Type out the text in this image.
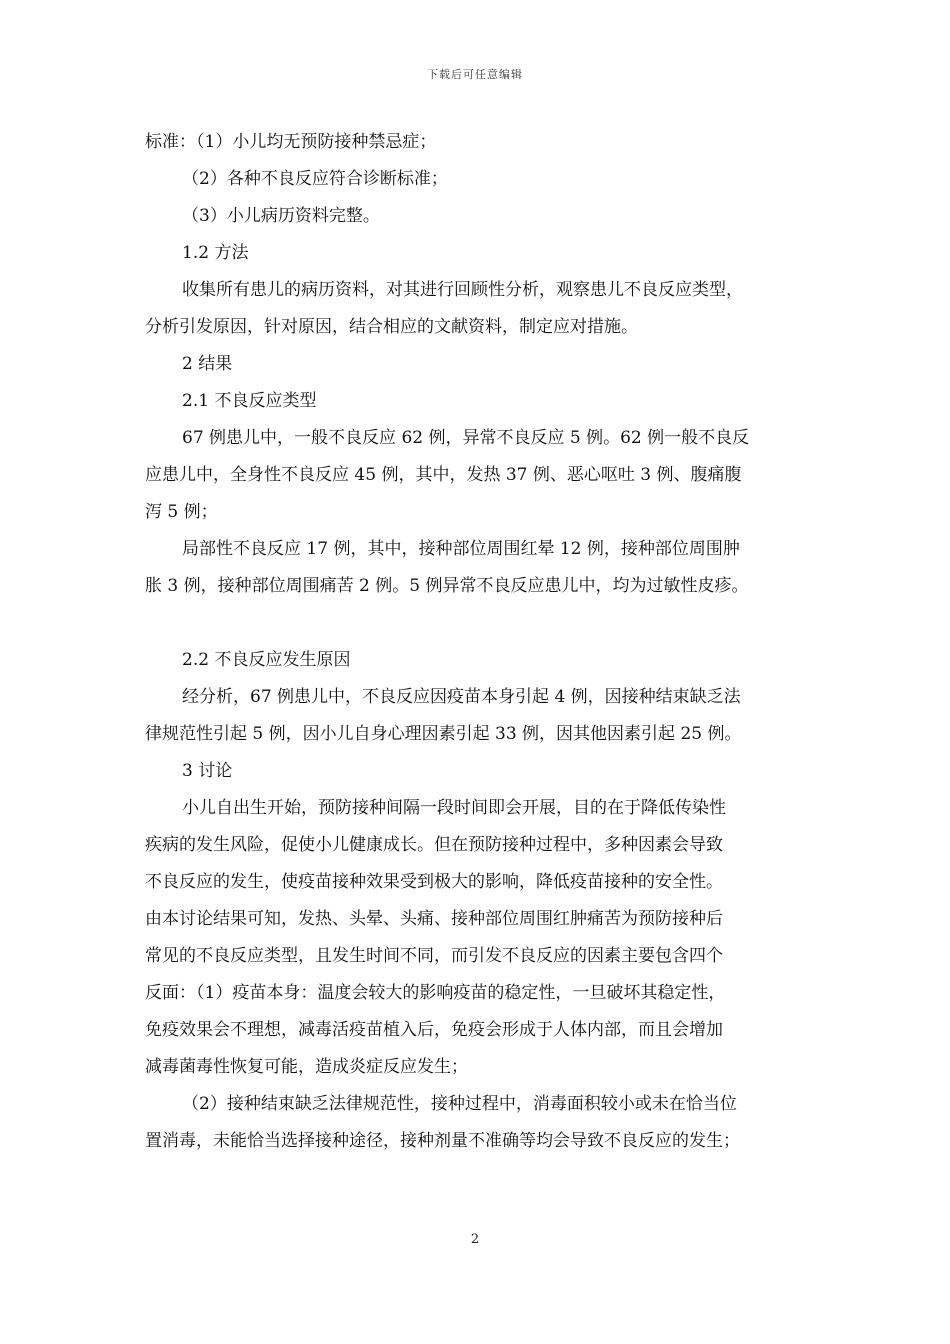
下载后可任意编辑
标准：（1）小儿均无预防接种禁忌症；
（2）各种不良反应符合诊断标准；
（3）小儿病历资料完整。
1.2 方法
收集所有患儿的病历资料，对其进行回顾性分析，观察患儿不良反应类型，
分析引发原因，针对原因，结合相应的文献资料，制定应对措施。
2 结果
2.1 不良反应类型
67 例患儿中，一般不良反应 62 例，异常不良反应 5 例。62 例一般不良反
应患儿中，全身性不良反应 45 例，其中，发热 37 例、恶心呕吐 3 例、腹痛腹
泻 5 例；
局部性不良反应 17 例，其中，接种部位周围红晕 12 例，接种部位周围肿
胀 3 例，接种部位周围痛苦 2 例。5 例异常不良反应患儿中，均为过敏性皮疹。
2.2 不良反应发生原因
经分析，67 例患儿中，不良反应因疫苗本身引起 4 例，因接种结束缺乏法
律规范性引起 5 例，因小儿自身心理因素引起 33 例，因其他因素引起 25 例。
3 讨论
小儿自出生开始，预防接种间隔一段时间即会开展，目的在于降低传染性
疾病的发生风险，促使小儿健康成长。但在预防接种过程中，多种因素会导致
不良反应的发生，使疫苗接种效果受到极大的影响，降低疫苗接种的安全性。
由本讨论结果可知，发热、头晕、头痛、接种部位周围红肿痛苦为预防接种后
常见的不良反应类型，且发生时间不同，而引发不良反应的因素主要包含四个
反面：（1）疫苗本身：温度会较大的影响疫苗的稳定性，一旦破坏其稳定性，
免疫效果会不理想，减毒活疫苗植入后，免疫会形成于人体内部，而且会增加
减毒菌毒性恢复可能，造成炎症反应发生；
（2）接种结束缺乏法律规范性，接种过程中，消毒面积较小或未在恰当位
置消毒，未能恰当选择接种途径，接种剂量不准确等均会导致不良反应的发生；
2
